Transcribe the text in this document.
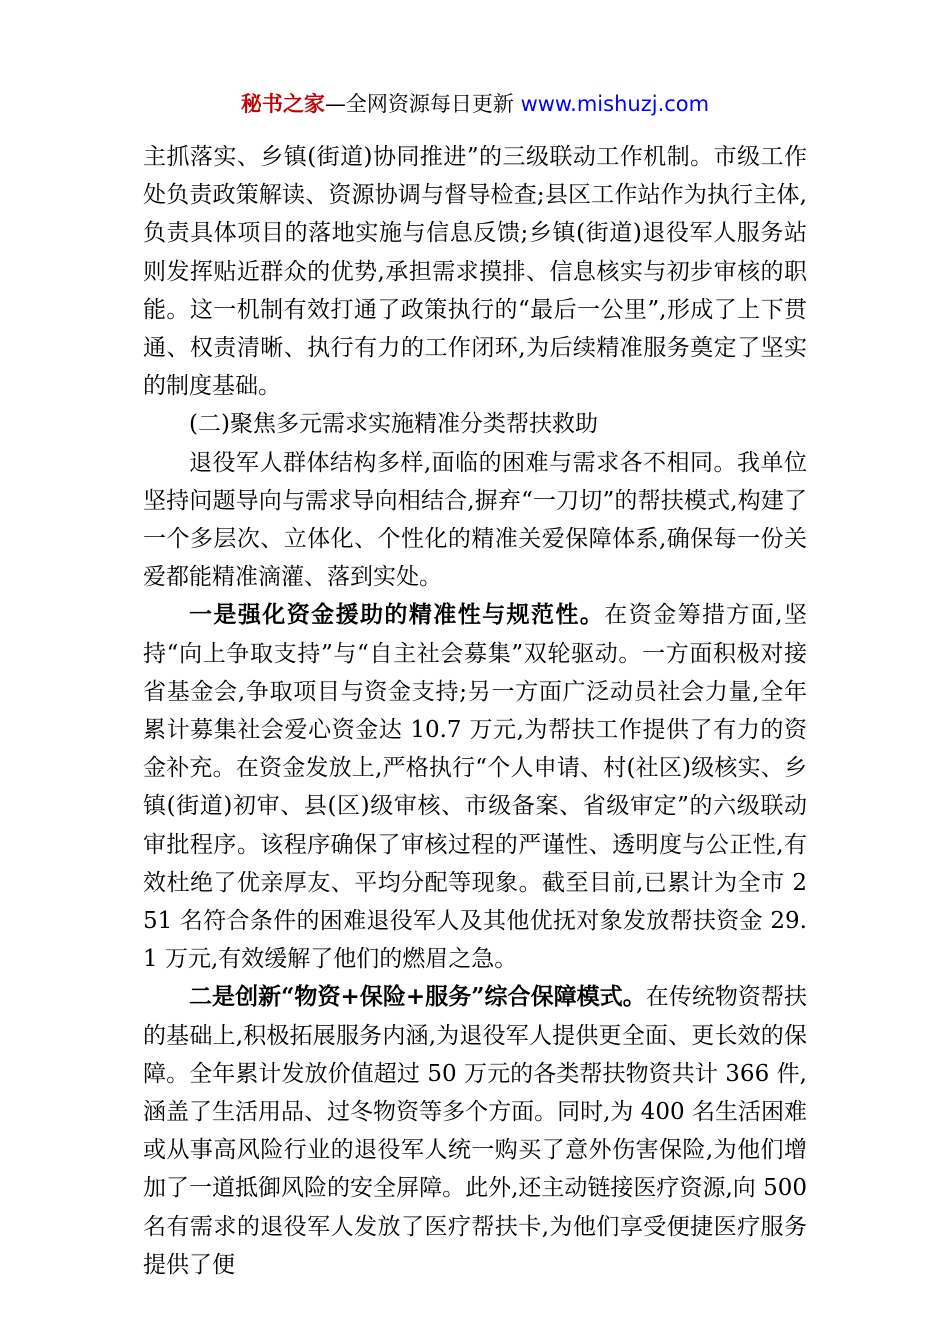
秘书之家—全网资源每日更新 www.mishuzj.com

主抓落实、乡镇(街道)协同推进”的三级联动工作机制。市级工作处负责政策解读、资源协调与督导检查;县区工作站作为执行主体,负责具体项目的落地实施与信息反馈;乡镇(街道)退役军人服务站则发挥贴近群众的优势,承担需求摸排、信息核实与初步审核的职能。这一机制有效打通了政策执行的“最后一公里”,形成了上下贯通、权责清晰、执行有力的工作闭环,为后续精准服务奠定了坚实的制度基础。

(二)聚焦多元需求实施精准分类帮扶救助

退役军人群体结构多样,面临的困难与需求各不相同。我单位坚持问题导向与需求导向相结合,摒弃“一刀切”的帮扶模式,构建了一个多层次、立体化、个性化的精准关爱保障体系,确保每一份关爱都能精准滴灌、落到实处。

一是强化资金援助的精准性与规范性。在资金筹措方面,坚持“向上争取支持”与“自主社会募集”双轮驱动。一方面积极对接省基金会,争取项目与资金支持;另一方面广泛动员社会力量,全年累计募集社会爱心资金达 10.7 万元,为帮扶工作提供了有力的资金补充。在资金发放上,严格执行“个人申请、村(社区)级核实、乡镇(街道)初审、县(区)级审核、市级备案、省级审定”的六级联动审批程序。该程序确保了审核过程的严谨性、透明度与公正性,有效杜绝了优亲厚友、平均分配等现象。截至目前,已累计为全市 251 名符合条件的困难退役军人及其他优抚对象发放帮扶资金 29.1 万元,有效缓解了他们的燃眉之急。

二是创新“物资+保险+服务”综合保障模式。在传统物资帮扶的基础上,积极拓展服务内涵,为退役军人提供更全面、更长效的保障。全年累计发放价值超过 50 万元的各类帮扶物资共计 366 件,涵盖了生活用品、过冬物资等多个方面。同时,为 400 名生活困难或从事高风险行业的退役军人统一购买了意外伤害保险,为他们增加了一道抵御风险的安全屏障。此外,还主动链接医疗资源,向 500 名有需求的退役军人发放了医疗帮扶卡,为他们享受便捷医疗服务提供了便
